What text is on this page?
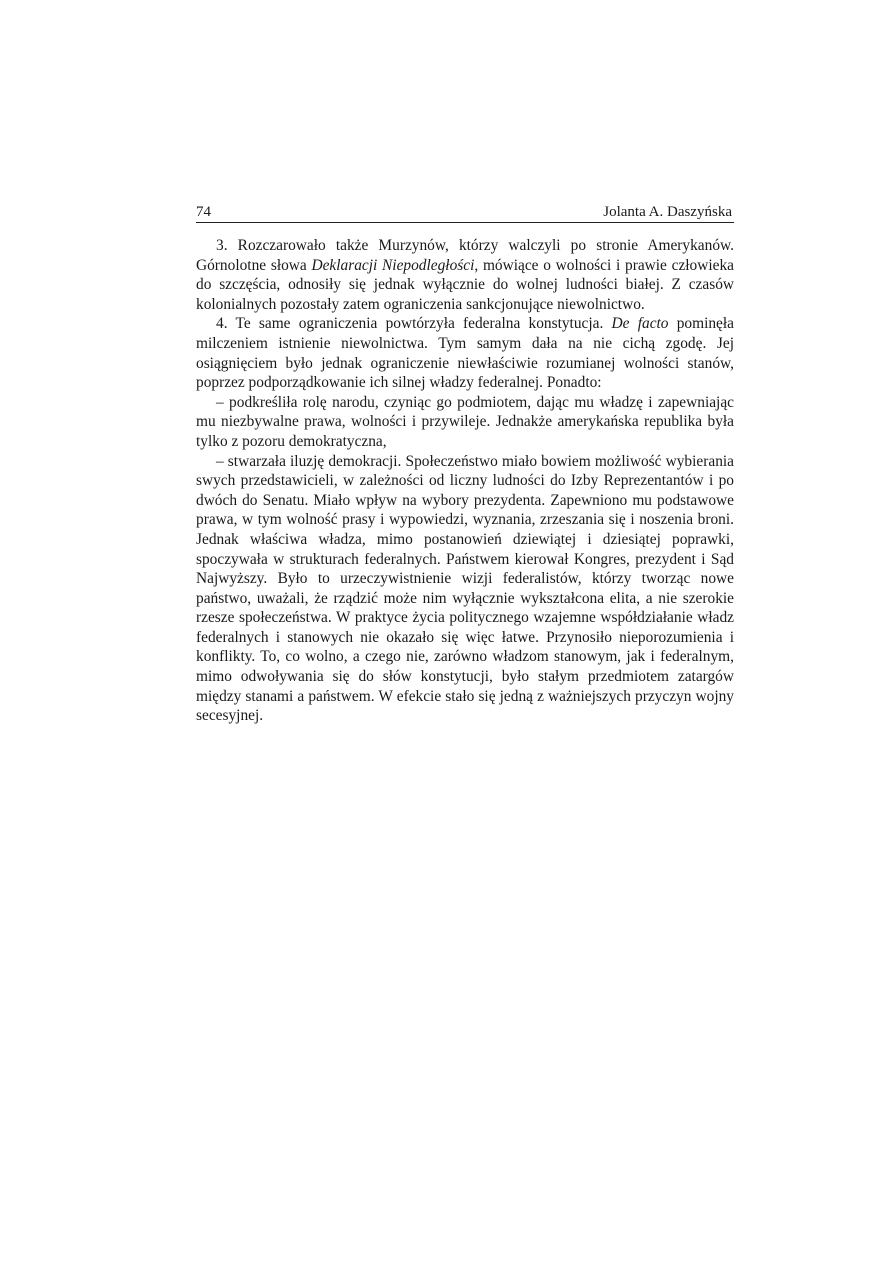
74	Jolanta A. Daszyńska

3. Rozczarowało także Murzynów, którzy walczyli po stronie Amerykanów. Górnolotne słowa Deklaracji Niepodległości, mówiące o wolności i prawie człowieka do szczęścia, odnosiły się jednak wyłącznie do wolnej ludności białej. Z czasów kolonialnych pozostały zatem ograniczenia sankcjonujące niewolnictwo.

4. Te same ograniczenia powtórzyła federalna konstytucja. De facto pominęła milczeniem istnienie niewolnictwa. Tym samym dała na nie cichą zgodę. Jej osiągnięciem było jednak ograniczenie niewłaściwie rozumianej wolności stanów, poprzez podporządkowanie ich silnej władzy federalnej. Ponadto:

– podkreśliła rolę narodu, czyniąc go podmiotem, dając mu władzę i zapewniając mu niezbywalne prawa, wolności i przywileje. Jednakże amerykańska republika była tylko z pozoru demokratyczna,

– stwarzała iluzję demokracji. Społeczeństwo miało bowiem możliwość wybierania swych przedstawicieli, w zależności od liczny ludności do Izby Reprezentantów i po dwóch do Senatu. Miało wpływ na wybory prezydenta. Zapewniono mu podstawowe prawa, w tym wolność prasy i wypowiedzi, wyznania, zrzeszania się i noszenia broni. Jednak właściwa władza, mimo postanowień dziewiątej i dziesiątej poprawki, spoczywała w strukturach federalnych. Państwem kierował Kongres, prezydent i Sąd Najwyższy. Było to urzeczywistnienie wizji federalistów, którzy tworząc nowe państwo, uważali, że rządzić może nim wyłącznie wykształcona elita, a nie szerokie rzesze społeczeństwa. W praktyce życia politycznego wzajemne współdziałanie władz federalnych i stanowych nie okazało się więc łatwe. Przynosiło nieporozumienia i konflikty. To, co wolno, a czego nie, zarówno władzom stanowym, jak i federalnym, mimo odwoływania się do słów konstytucji, było stałym przedmiotem zatargów między stanami a państwem. W efekcie stało się jedną z ważniejszych przyczyn wojny secesyjnej.
